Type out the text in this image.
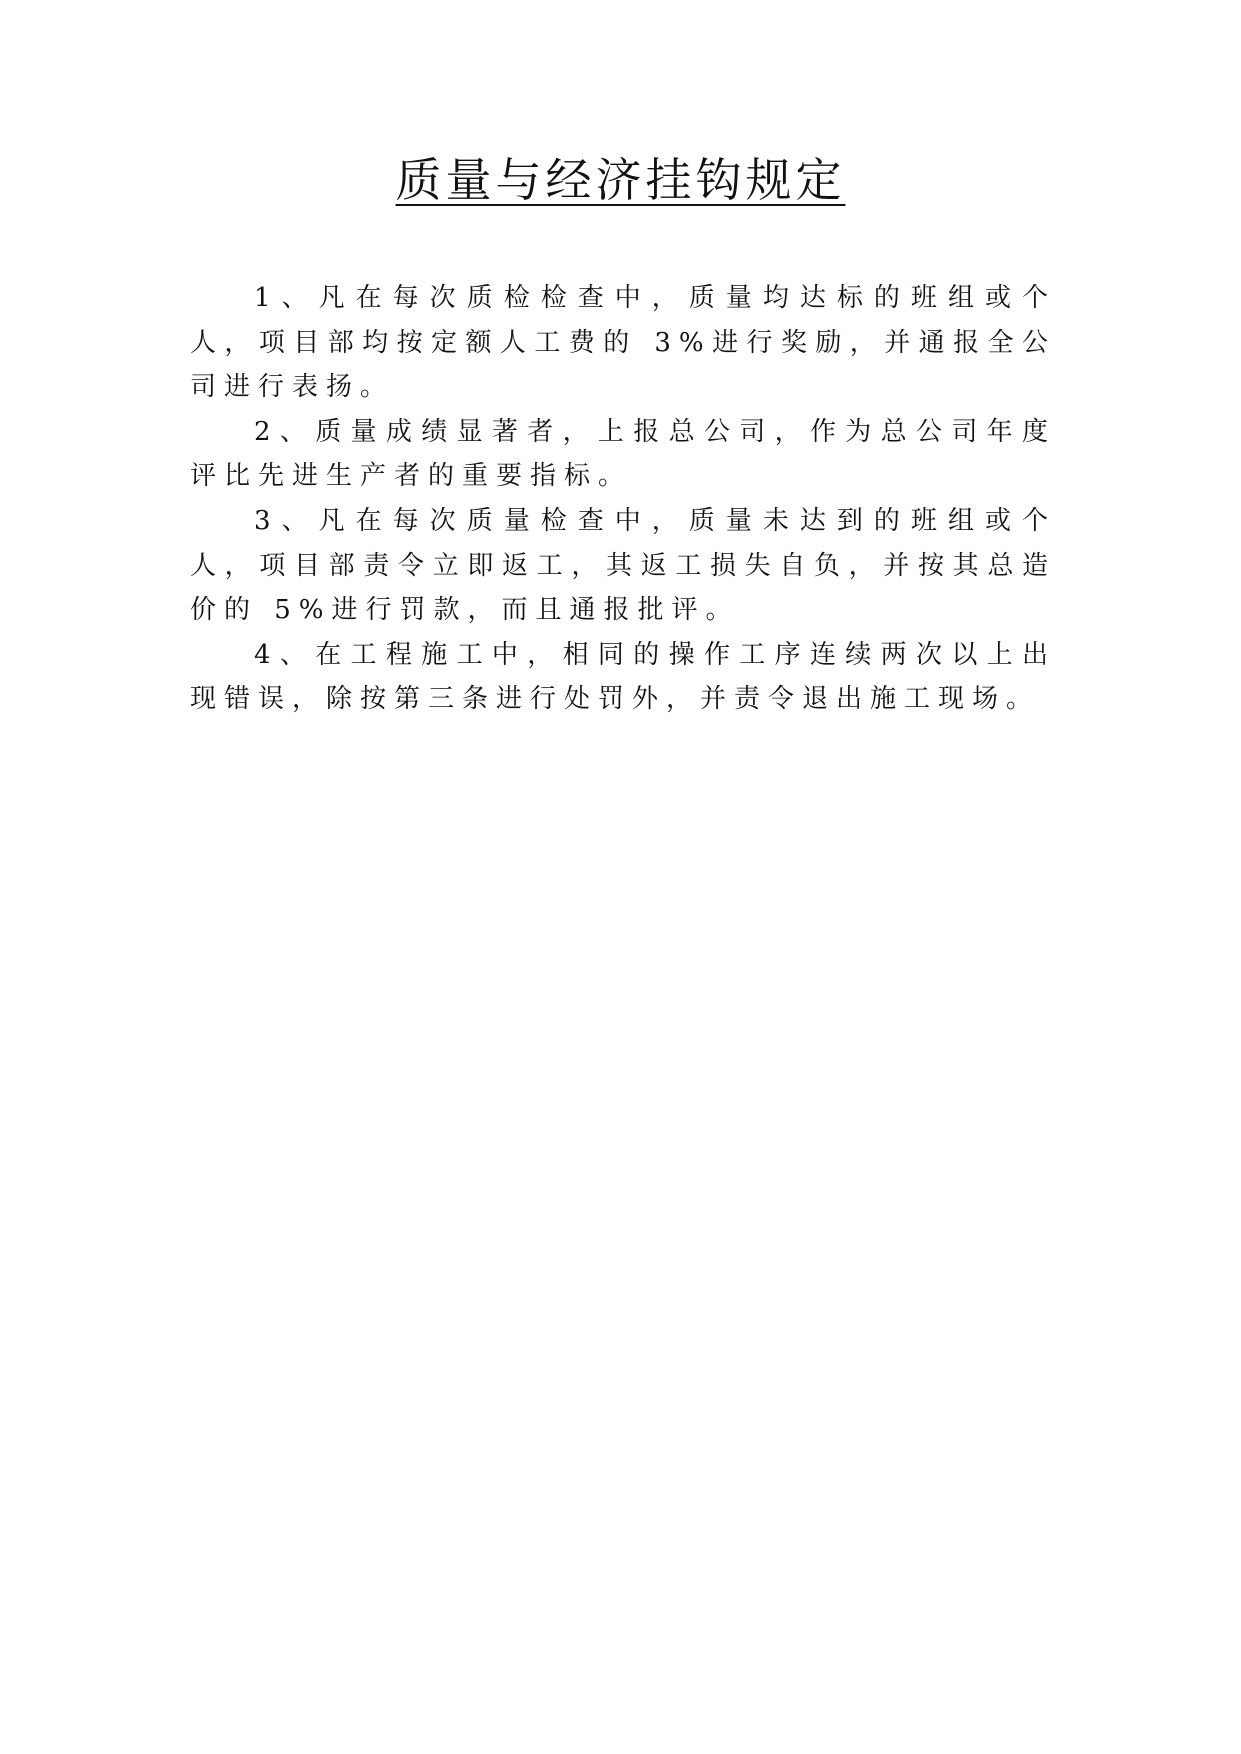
质量与经济挂钩规定

1、凡在每次质检检查中，质量均达标的班组或个人，项目部均按定额人工费的 3%进行奖励，并通报全公司进行表扬。

2、质量成绩显著者，上报总公司，作为总公司年度评比先进生产者的重要指标。

3、凡在每次质量检查中，质量未达到的班组或个人，项目部责令立即返工，其返工损失自负，并按其总造价的 5%进行罚款，而且通报批评。

4、在工程施工中，相同的操作工序连续两次以上出现错误，除按第三条进行处罚外，并责令退出施工现场。
